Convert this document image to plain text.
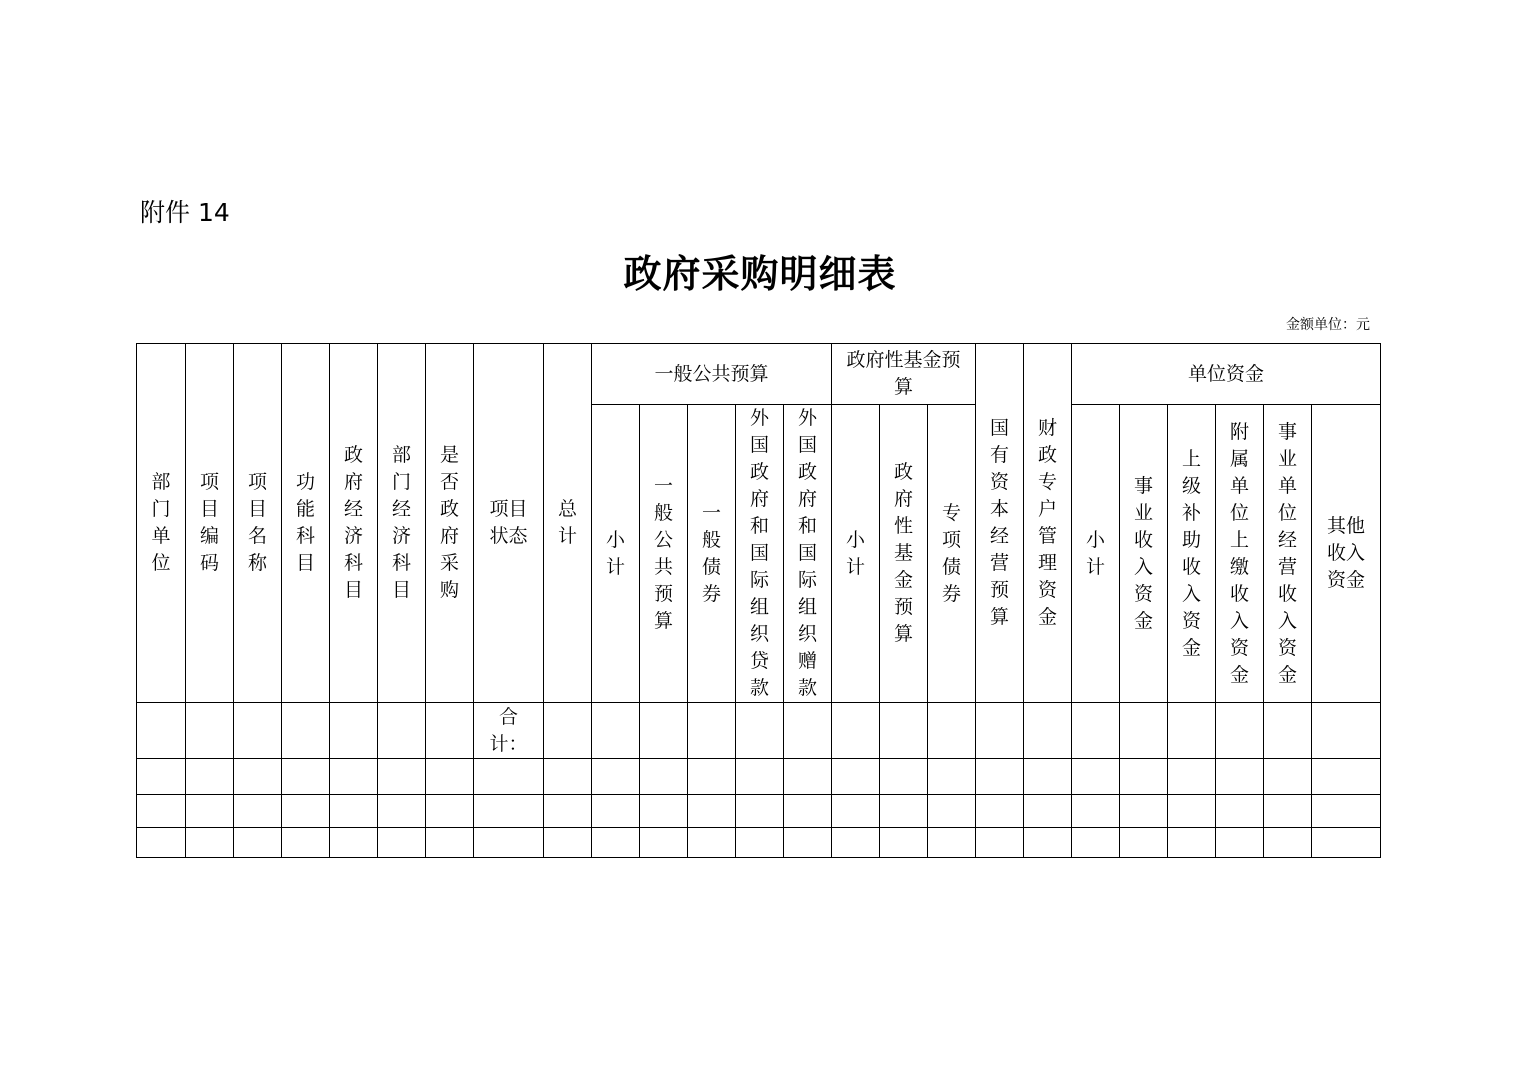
附件 14
政府采购明细表
金额单位：元
部门单位	项目编码	项目名称	功能科目	政府经济科目	部门经济科目	是否政府采购	项目状态	总计	一般公共预算					政府性基金预算			国有资本经营预算	财政专户管理资金	单位资金					
									小计	一般公共预算	一般债券	外国政府和国际组织贷款	外国政府和国际组织赠款	小计	政府性基金预算	专项债券			小计	事业收入资金	上级补助收入资金	附属单位上缴收入资金	事业单位经营收入资金	其他收入资金
							合计：																	
